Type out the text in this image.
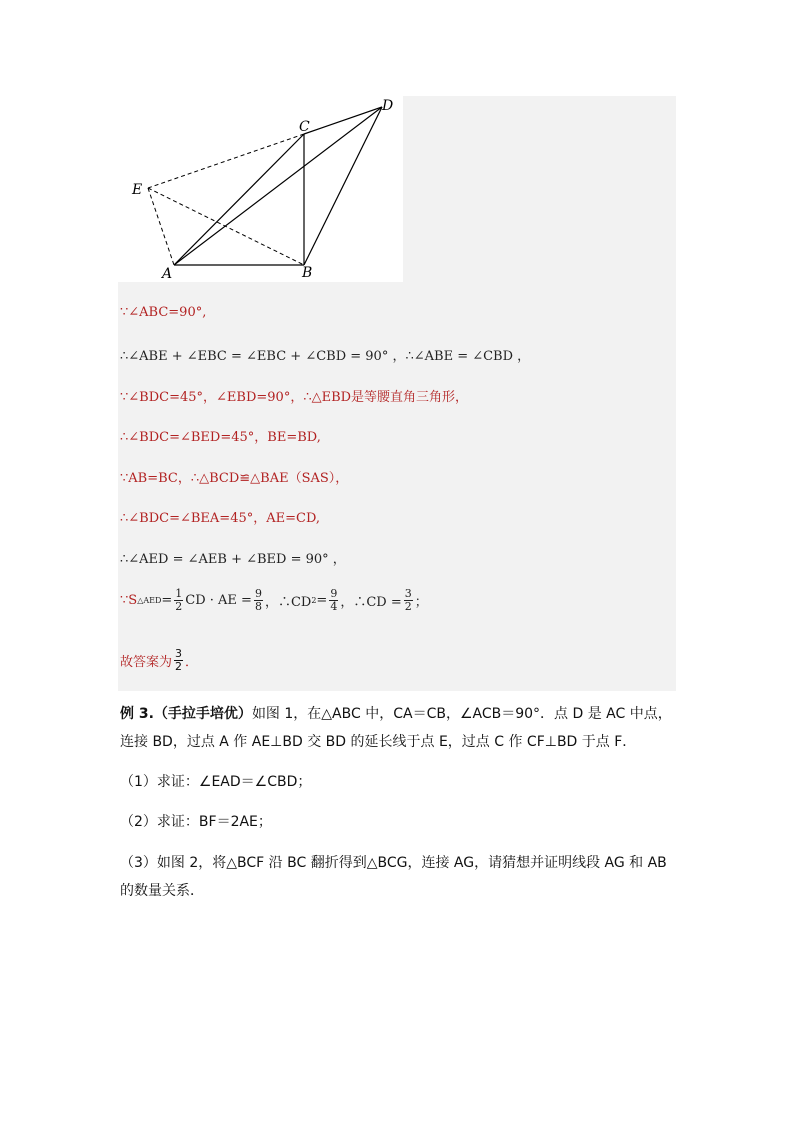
A	B
C
D
E
∵∠ABC=90°,
∴∠ABE + ∠EBC = ∠EBC + ∠CBD = 90° ，∴∠ABE = ∠CBD ，
∵∠BDC=45°，∠EBD=90°，∴△EBD是等腰直角三角形，
∴∠BDC=∠BED=45°，BE=BD,
∵AB=BC，∴△BCD≌△BAE（SAS），
∴∠BDC=∠BEA=45°，AE=CD,
∴∠AED = ∠AEB + ∠BED = 90° ，
∵S △AED = $\frac{1}{2}$ CD · AE = $\frac{9}{8}$ ，∴CD $2 = \frac{9}{4}$ ，∴CD = $\frac{3}{2}$ ；
故答案为 $\frac{3}{2}$ ．
例 3.（手拉手培优）如图 1，在△ABC 中，CA＝CB，∠ACB＝90°．点 D 是 AC 中点，连接 BD，过点 A 作 AE⊥BD 交 BD 的延长线于点 E，过点 C 作 CF⊥BD 于点 F．
（1）求证：∠EAD＝∠CBD；
（2）求证：BF＝2AE；
（3）如图 2，将△BCF 沿 BC 翻折得到△BCG，连接 AG，请猜想并证明线段 AG 和 AB 的数量关系．
